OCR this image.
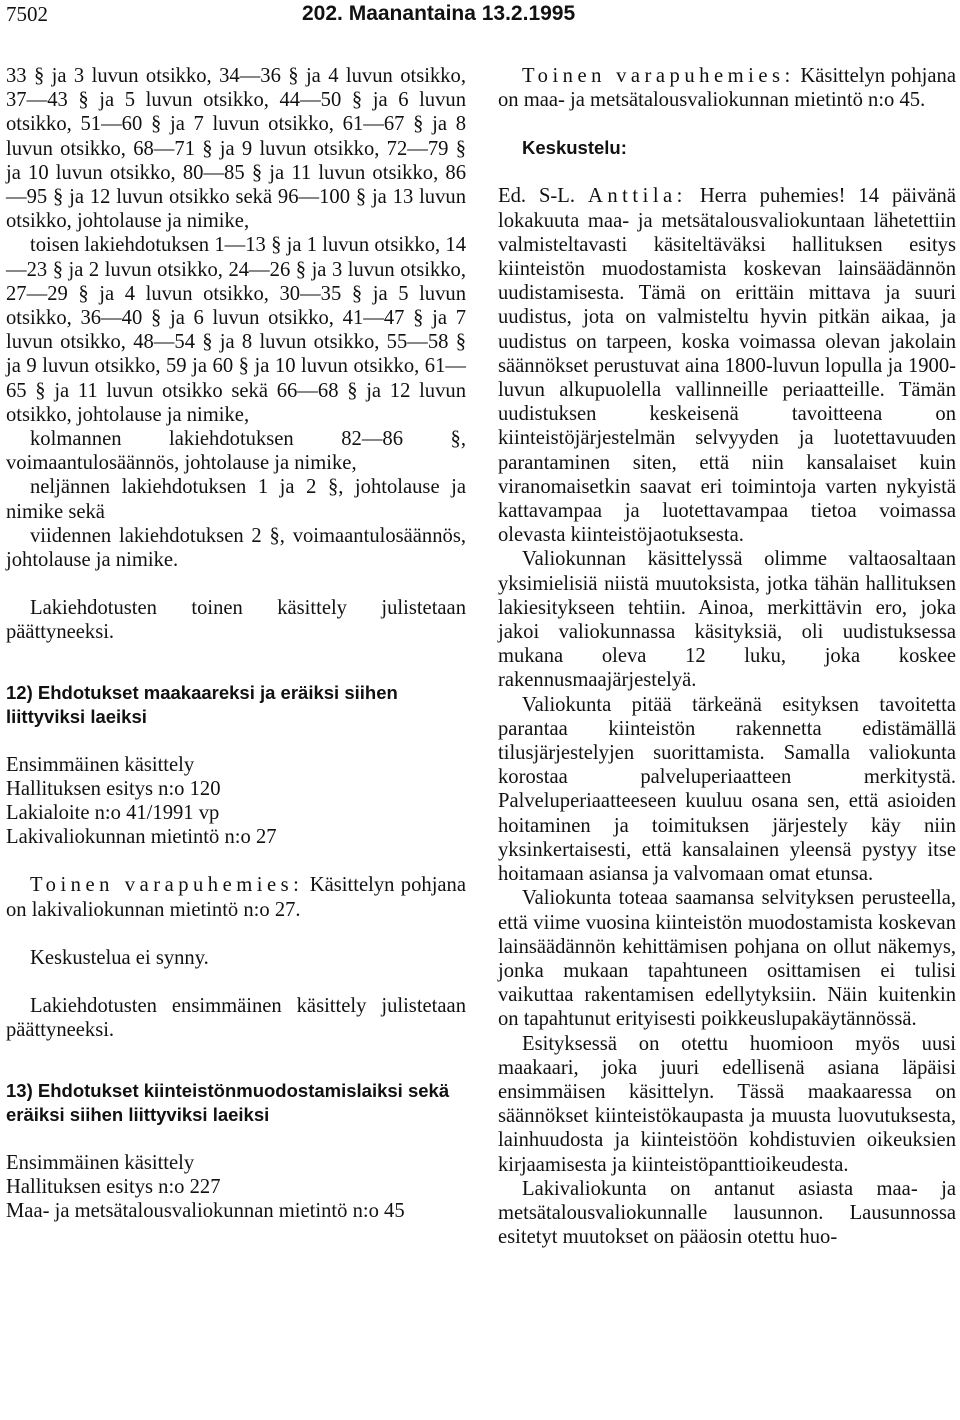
7502	202. Maanantaina 13.2.1995

33 § ja 3 luvun otsikko, 34—36 § ja 4 luvun otsikko, 37—43 § ja 5 luvun otsikko, 44—50 § ja 6 luvun otsikko, 51—60 § ja 7 luvun otsikko, 61—67 § ja 8 luvun otsikko, 68—71 § ja 9 luvun otsikko, 72—79 § ja 10 luvun otsikko, 80—85 § ja 11 luvun otsikko, 86—95 § ja 12 luvun otsikko sekä 96—100 § ja 13 luvun otsikko, johtolause ja nimike,

toisen lakiehdotuksen 1—13 § ja 1 luvun otsikko, 14—23 § ja 2 luvun otsikko, 24—26 § ja 3 luvun otsikko, 27—29 § ja 4 luvun otsikko, 30—35 § ja 5 luvun otsikko, 36—40 § ja 6 luvun otsikko, 41—47 § ja 7 luvun otsikko, 48—54 § ja 8 luvun otsikko, 55—58 § ja 9 luvun otsikko, 59 ja 60 § ja 10 luvun otsikko, 61—65 § ja 11 luvun otsikko sekä 66—68 § ja 12 luvun otsikko, johtolause ja nimike,

kolmannen lakiehdotuksen 82—86 §, voimaantulosäännös, johtolause ja nimike,

neljännen lakiehdotuksen 1 ja 2 §, johtolause ja nimike sekä

viidennen lakiehdotuksen 2 §, voimaantulosäännös, johtolause ja nimike.

Lakiehdotusten toinen käsittely julistetaan päättyneeksi.

12) Ehdotukset maakaareksi ja eräiksi siihen liittyviksi laeiksi

Ensimmäinen käsittely

Hallituksen esitys n:o 120

Lakialoite n:o 41/1991 vp

Lakivaliokunnan mietintö n:o 27

Toinen varapuhemies: Käsittelyn pohjana on lakivaliokunnan mietintö n:o 27.

Keskustelua ei synny.

Lakiehdotusten ensimmäinen käsittely julistetaan päättyneeksi.

13) Ehdotukset kiinteistönmuodostamislaiksi sekä eräiksi siihen liittyviksi laeiksi

Ensimmäinen käsittely

Hallituksen esitys n:o 227

Maa- ja metsätalousvaliokunnan mietintö n:o 45

Toinen varapuhemies: Käsittelyn pohjana on maa- ja metsätalousvaliokunnan mietintö n:o 45.

Keskustelu:

Ed. S-L. Anttila: Herra puhemies! 14 päivänä lokakuuta maa- ja metsätalousvaliokuntaan lähetettiin valmisteltavasti käsiteltäväksi hallituksen esitys kiinteistön muodostamista koskevan lainsäädännön uudistamisesta. Tämä on erittäin mittava ja suuri uudistus, jota on valmisteltu hyvin pitkän aikaa, ja uudistus on tarpeen, koska voimassa olevan jakolain säännökset perustuvat aina 1800-luvun lopulla ja 1900-luvun alkupuolella vallinneille periaatteille. Tämän uudistuksen keskeisenä tavoitteena on kiinteistöjärjestelmän selvyyden ja luotettavuuden parantaminen siten, että niin kansalaiset kuin viranomaisetkin saavat eri toimintoja varten nykyistä kattavampaa ja luotettavampaa tietoa voimassa olevasta kiinteistöjaotuksesta.

Valiokunnan käsittelyssä olimme valtaosaltaan yksimielisiä niistä muutoksista, jotka tähän hallituksen lakiesitykseen tehtiin. Ainoa, merkittävin ero, joka jakoi valiokunnassa käsityksiä, oli uudistuksessa mukana oleva 12 luku, joka koskee rakennusmaajärjestelyä.

Valiokunta pitää tärkeänä esityksen tavoitetta parantaa kiinteistön rakennetta edistämällä tilusjärjestelyjen suorittamista. Samalla valiokunta korostaa palveluperiaatteen merkitystä. Palveluperiaatteeseen kuuluu osana sen, että asioiden hoitaminen ja toimituksen järjestely käy niin yksinkertaisesti, että kansalainen yleensä pystyy itse hoitamaan asiansa ja valvomaan omat etunsa.

Valiokunta toteaa saamansa selvityksen perusteella, että viime vuosina kiinteistön muodostamista koskevan lainsäädännön kehittämisen pohjana on ollut näkemys, jonka mukaan tapahtuneen osittamisen ei tulisi vaikuttaa rakentamisen edellytyksiin. Näin kuitenkin on tapahtunut erityisesti poikkeuslupakäytännössä.

Esityksessä on otettu huomioon myös uusi maakaari, joka juuri edellisenä asiana läpäisi ensimmäisen käsittelyn. Tässä maakaaressa on säännökset kiinteistökaupasta ja muusta luovutuksesta, lainhuudosta ja kiinteistöön kohdistuvien oikeuksien kirjaamisesta ja kiinteistöpanttioikeudesta.

Lakivaliokunta on antanut asiasta maa- ja metsätalousvaliokunnalle lausunnon. Lausunnossa esitetyt muutokset on pääosin otettu huo-
